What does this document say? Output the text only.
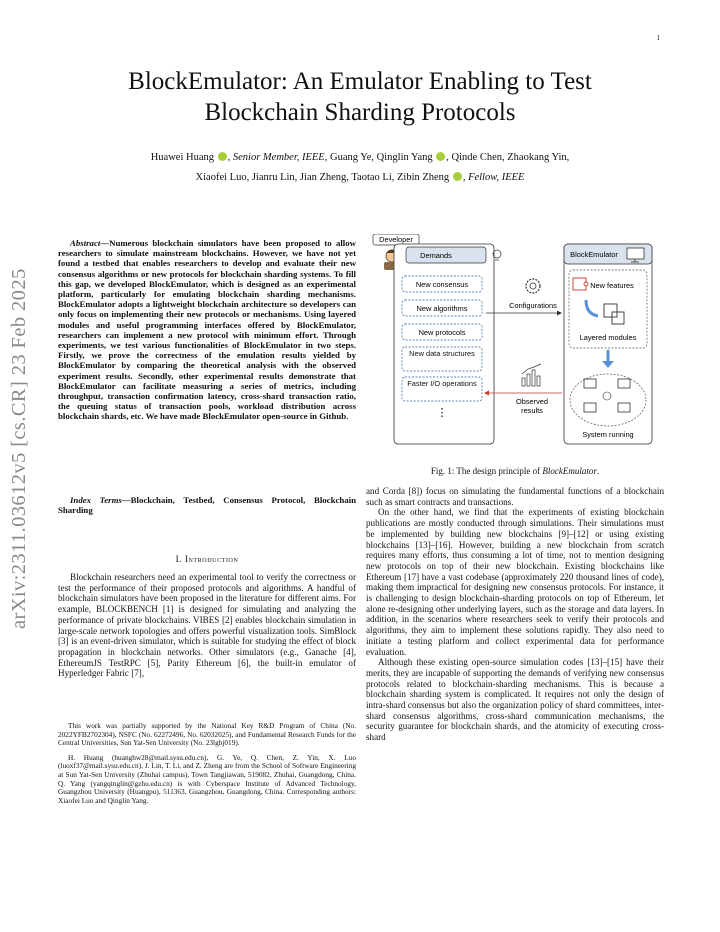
1
BlockEmulator: An Emulator Enabling to Test
Blockchain Sharding Protocols
Huawei Huang , Senior Member, IEEE, Guang Ye, Qinglin Yang , Qinde Chen, Zhaokang Yin,
Xiaofei Luo, Jianru Lin, Jian Zheng, Taotao Li, Zibin Zheng , Fellow, IEEE
arXiv:2311.03612v5 [cs.CR] 23 Feb 2025

Abstract—Numerous blockchain simulators have been proposed to allow researchers to simulate mainstream blockchains. However, we have not yet found a testbed that enables researchers to develop and evaluate their new consensus algorithms or new protocols for blockchain sharding systems. To fill this gap, we developed BlockEmulator, which is designed as an experimental platform, particularly for emulating blockchain sharding mechanisms. BlockEmulator adopts a lightweight blockchain architecture so developers can only focus on implementing their new protocols or mechanisms. Using layered modules and useful programming interfaces offered by BlockEmulator, researchers can implement a new protocol with minimum effort. Through experiments, we test various functionalities of BlockEmulator in two steps. Firstly, we prove the correctness of the emulation results yielded by BlockEmulator by comparing the theoretical analysis with the observed experiment results. Secondly, other experimental results demonstrate that BlockEmulator can facilitate measuring a series of metrics, including throughput, transaction confirmation latency, cross-shard transaction ratio, the queuing status of transaction pools, workload distribution across blockchain shards, etc. We have made BlockEmulator open-source in Github.

Index Terms—Blockchain, Testbed, Consensus Protocol, Blockchain Sharding

I. Introduction

Blockchain researchers need an experimental tool to verify the correctness or test the performance of their proposed protocols and algorithms. A handful of blockchain simulators have been proposed in the literature for different aims. For example, BLOCKBENCH [1] is designed for simulating and analyzing the performance of private blockchains. VIBES [2] enables blockchain simulation in large-scale network topologies and offers powerful visualization tools. SimBlock [3] is an event-driven simulator, which is suitable for studying the effect of block propagation in blockchain networks. Other simulators (e.g., Ganache [4], EthereumJS TestRPC [5], Parity Ethereum [6], the built-in emulator of Hyperledger Fabric [7],

This work was partially supported by the National Key R&D Program of China (No. 2022YFB2702304), NSFC (No. 62272496, No. 62032025), and Fundamental Research Funds for the Central Universities, Sun Yat-Sen University (No. 23lgbj019).

H. Huang (huanghw28@mail.sysu.edu.cn), G. Ye, Q. Chen, Z. Yin, X. Luo (luoxf37@mail.sysu.edu.cn), J. Lin, T. Li, and Z. Zheng are from the School of Software Engineering at Sun Yat-Sen University (Zhuhai campus), Town Tangjiawan, 519082, Zhuhai, Guangdong, China. Q. Yang (yangqinglin@gzhu.edu.cn) is with Cyberspace Institute of Advanced Technology, Guangzhou University (Huangpu), 511363, Guangzhou, Guangdong, China. Corresponding authors: Xiaofei Luo and Qinglin Yang.

Developer
Demands
New consensus
New algorithms
New protocols
New data structures
Faster I/O operations
⋮
Configurations
Observed
results
BlockEmulator
New features
Layered modules
System running
Fig. 1: The design principle of BlockEmulator.

and Corda [8]) focus on simulating the fundamental functions of a blockchain such as smart contracts and transactions.

On the other hand, we find that the experiments of existing blockchain publications are mostly conducted through simulations. Their simulations must be implemented by building new blockchains [9]–[12] or using existing blockchains [13]–[16]. However, building a new blockchain from scratch requires many efforts, thus consuming a lot of time, not to mention designing new protocols on top of their new blockchain. Existing blockchains like Ethereum [17] have a vast codebase (approximately 220 thousand lines of code), making them impractical for designing new consensus protocols. For instance, it is challenging to design blockchain-sharding protocols on top of Ethereum, let alone re-designing other underlying layers, such as the storage and data layers. In addition, in the scenarios where researchers seek to verify their protocols and algorithms, they aim to implement these solutions rapidly. They also need to initiate a testing platform and collect experimental data for performance evaluation.

Although these existing open-source simulation codes [13]–[15] have their merits, they are incapable of supporting the demands of verifying new consensus protocols related to blockchain-sharding mechanisms. This is because a blockchain sharding system is complicated. It requires not only the design of intra-shard consensus but also the organization policy of shard committees, inter-shard consensus algorithms, cross-shard communication mechanisms, the security guarantee for blockchain shards, and the atomicity of executing cross-shard
